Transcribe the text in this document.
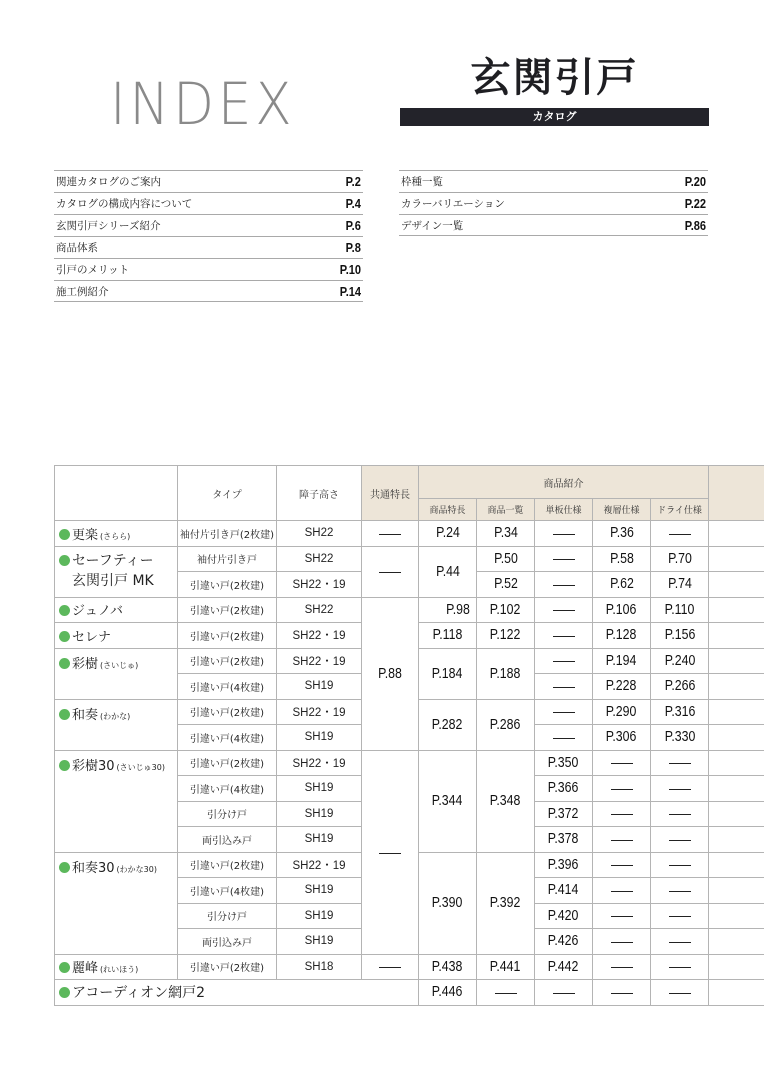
INDEX	玄関引戸
カタログ
関連カタログのご案内	P.2
カタログの構成内容について	P.4
玄関引戸シリーズ紹介	P.6
商品体系	P.8
引戸のメリット	P.10
施工例紹介	P.14
枠種一覧	P.20
カラーバリエーション	P.22
デザイン一覧	P.86
	タイプ	障子高さ	共通特長	商品紹介					
				商品特長	商品一覧	単板仕様	複層仕様	ドライ仕様	
更楽 (さらら)	袖付片引き戸(2枚建)	SH22		P.24	P.34		P.36		
セーフティー
玄関引戸 MK	袖付片引き戸	SH22		P.44	P.50		P.58	P.70	
	引違い戸(2枚建)	SH22・19			P.52		P.62	P.74	
ジュノバ	引違い戸(2枚建)	SH22	P.88	P.98	P.102		P.106	P.110	
セレナ	引違い戸(2枚建)	SH22・19		P.118	P.122		P.128	P.156	
彩樹 (さいじゅ)	引違い戸(2枚建)	SH22・19		P.184	P.188		P.194	P.240	
	引違い戸(4枚建)	SH19					P.228	P.266	
和奏 (わかな)	引違い戸(2枚建)	SH22・19		P.282	P.286		P.290	P.316	
	引違い戸(4枚建)	SH19					P.306	P.330	
彩樹30 (さいじゅ30)	引違い戸(2枚建)	SH22・19		P.344	P.348	P.350			
	引違い戸(4枚建)	SH19				P.366			
	引分け戸	SH19				P.372			
	両引込み戸	SH19				P.378			
和奏30 (わかな30)	引違い戸(2枚建)	SH22・19		P.390	P.392	P.396			
	引違い戸(4枚建)	SH19				P.414			
	引分け戸	SH19				P.420			
	両引込み戸	SH19				P.426			
麗峰 (れいほう)	引違い戸(2枚建)	SH18		P.438	P.441	P.442			
アコーディオン網戸2				P.446					
